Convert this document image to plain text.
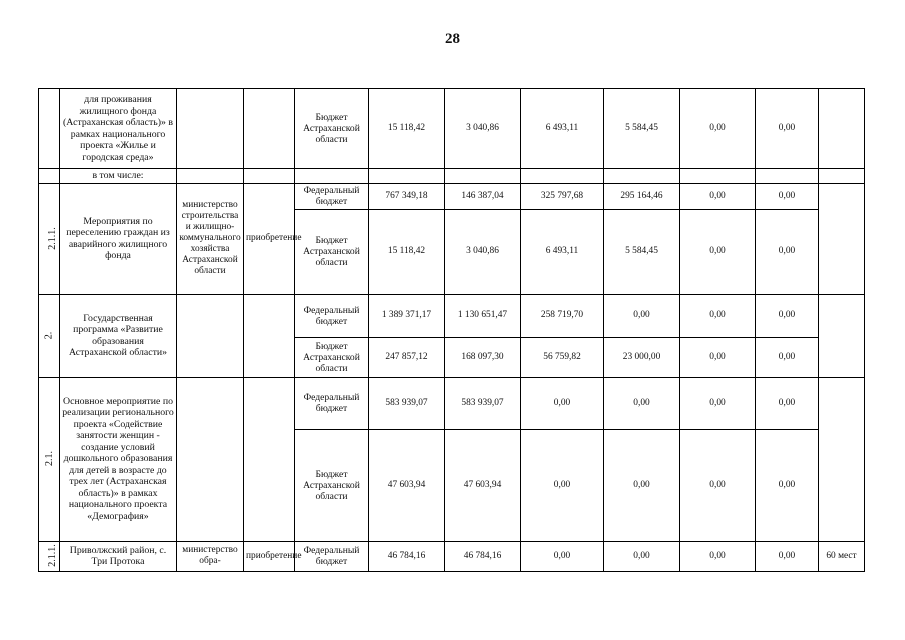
28
	для проживания жилищного фонда (Астраханская область)» в рамках национального проекта «Жилье и городская среда»			Бюджет Астраханской области	15 118,42	3 040,86	6 493,11	5 584,45	0,00	0,00	
	в том числе:										
2.1.1.	Мероприятия по переселению граждан из аварийного жилищного фонда	министерство строительства и жилищно-коммунального хозяйства Астраханской области	приобретение	Федеральный бюджет	767 349,18	146 387,04	325 797,68	295 164,46	0,00	0,00	
				Бюджет Астраханской области	15 118,42	3 040,86	6 493,11	5 584,45	0,00	0,00	
2.	Государственная программа «Развитие образования Астраханской области»			Федеральный бюджет	1 389 371,17	1 130 651,47	258 719,70	0,00	0,00	0,00	
				Бюджет Астраханской области	247 857,12	168 097,30	56 759,82	23 000,00	0,00	0,00	
2.1.	Основное мероприятие по реализации регионального проекта «Содействие занятости женщин - создание условий дошкольного образования для детей в возрасте до трех лет (Астраханская область)» в рамках национального проекта «Демография»			Федеральный бюджет	583 939,07	583 939,07	0,00	0,00	0,00	0,00	
				Бюджет Астраханской области	47 603,94	47 603,94	0,00	0,00	0,00	0,00	
2.1.1.	Приволжский район, с. Три Протока	министерство обра-	приобретение	Федеральный бюджет	46 784,16	46 784,16	0,00	0,00	0,00	0,00	60 мест
